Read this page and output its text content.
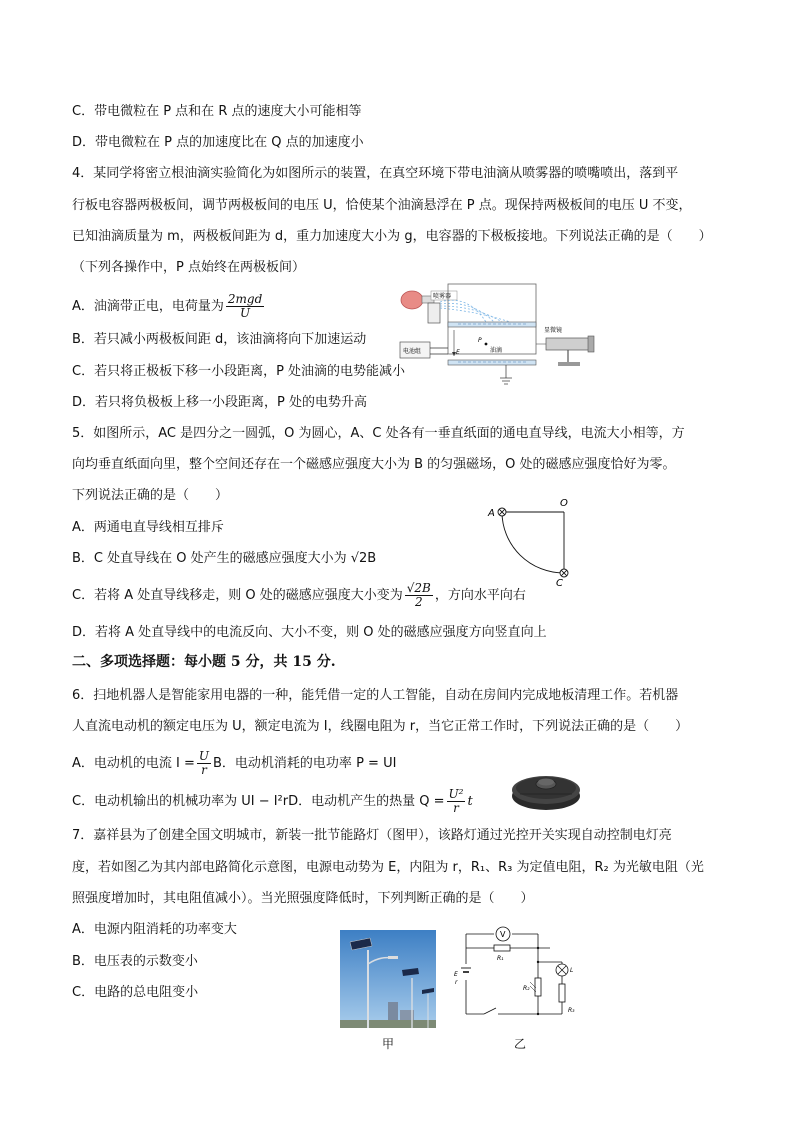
C．带电微粒在 P 点和在 R 点的速度大小可能相等
D．带电微粒在 P 点的加速度比在 Q 点的加速度小
4．某同学将密立根油滴实验简化为如图所示的装置，在真空环境下带电油滴从喷雾器的喷嘴喷出，落到平
行板电容器两极板间，调节两极板间的电压 U，恰使某个油滴悬浮在 P 点。现保持两极板间的电压 U 不变，
已知油滴质量为 m，两极板间距为 d，重力加速度大小为 g，电容器的下极板接地。下列说法正确的是（　　）
（下列各操作中，P 点始终在两极板间）
A．油滴带正电，电荷量为 $\frac{\text{2mgd}}{U}$
B．若只减小两极板间距 d，该油滴将向下加速运动
C．若只将正极板下移一小段距离，P 处油滴的电势能减小
D．若只将负极板上移一小段距离，P 处的电势升高
喷雾器
电池组	E
P
油滴
显微镜
5．如图所示，AC 是四分之一圆弧，O 为圆心，A、C 处各有一垂直纸面的通电直导线，电流大小相等，方
向均垂直纸面向里，整个空间还存在一个磁感应强度大小为 B 的匀强磁场，O 处的磁感应强度恰好为零。
下列说法正确的是（　　）
A．两通电直导线相互排斥
B．C 处直导线在 O 处产生的磁感应强度大小为 √2B
C．若将 A 处直导线移走，则 O 处的磁感应强度大小变为 $\frac{√2B}{2}$ ，方向水平向右
D．若将 A 处直导线中的电流反向、大小不变，则 O 处的磁感应强度方向竖直向上
A
O
C
二、多项选择题：每小题 5 分，共 15 分.
6．扫地机器人是智能家用电器的一种，能凭借一定的人工智能，自动在房间内完成地板清理工作。若机器
人直流电动机的额定电压为 U，额定电流为 I，线圈电阻为 r，当它正常工作时，下列说法正确的是（　　）
A．电动机的电流 $I = \frac{U}{r}$ B．电动机消耗的电功率 P = UI
C．电动机输出的机械功率为 UI − I²rD．电动机产生的热量 $Q = \frac{\text{U²}}{r}$ t
7．嘉祥县为了创建全国文明城市，新装一批节能路灯（图甲），该路灯通过光控开关实现自动控制电灯亮
度，若如图乙为其内部电路简化示意图，电源电动势为 E，内阻为 r，R₁、R₃ 为定值电阻，R₂ 为光敏电阻（光
照强度增加时，其电阻值减小）。当光照强度降低时，下列判断正确的是（　　）
A．电源内阻消耗的功率变大
B．电压表的示数变小
C．电路的总电阻变小
甲
V
R₁
E
r
R₂
L
R₃
乙
